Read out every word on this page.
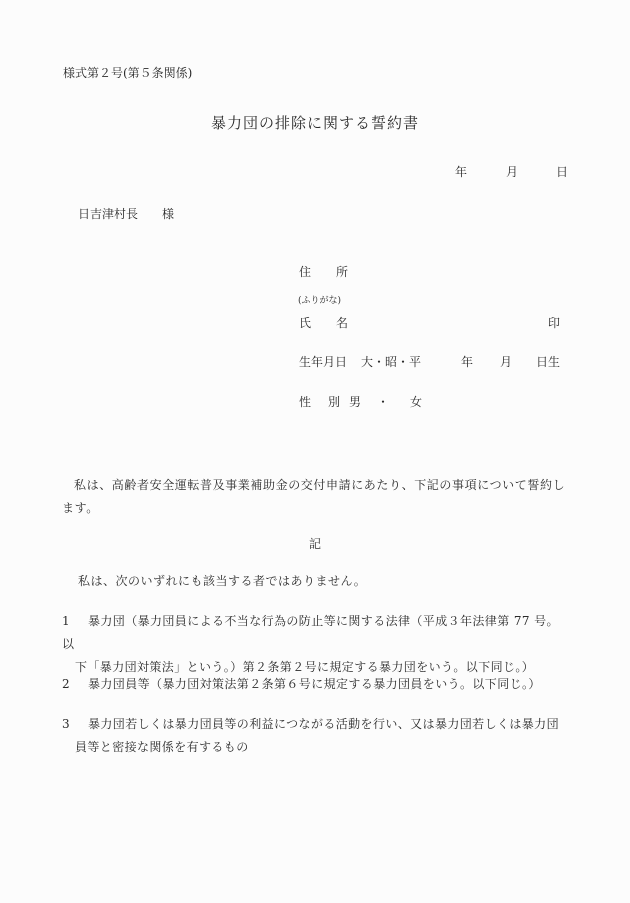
様式第２号(第５条関係)
暴力団の排除に関する誓約書
年	月	日
日吉津村長 様
住 所
(ふりがな)
氏 名	印
生年月日 大・昭・平	年 月 日生
性 別 男 ・ 女
私は、高齢者安全運転普及事業補助金の交付申請にあたり、下記の事項について誓約します。
記
私は、次のいずれにも該当する者ではありません。
1 暴力団（暴力団員による不当な行為の防止等に関する法律（平成３年法律第 77 号。以
下「暴力団対策法」という。）第２条第２号に規定する暴力団をいう。以下同じ。）
2 暴力団員等（暴力団対策法第２条第６号に規定する暴力団員をいう。以下同じ。）
3 暴力団若しくは暴力団員等の利益につながる活動を行い、又は暴力団若しくは暴力団
員等と密接な関係を有するもの
